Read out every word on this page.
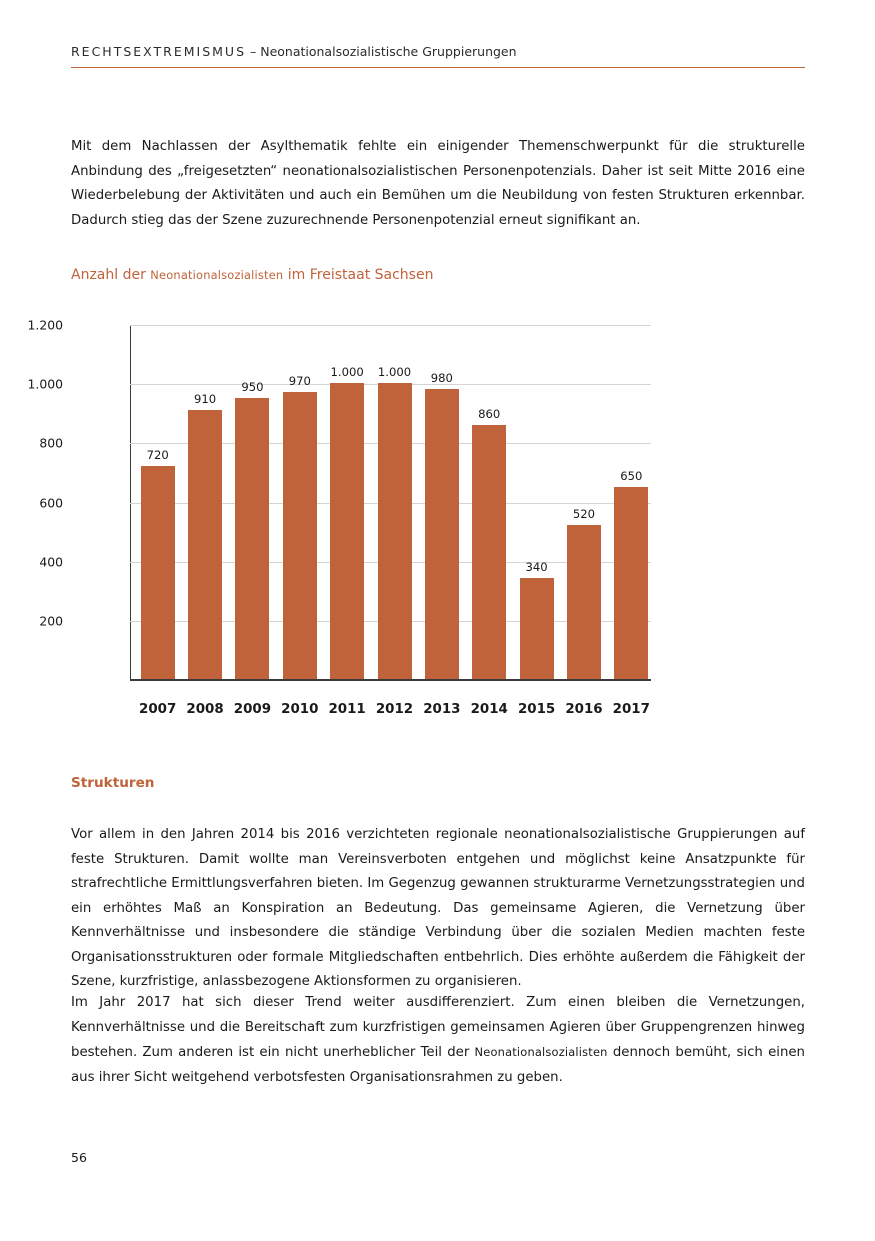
RECHTSEXTREMISMUS – Neonationalsozialistische Gruppierungen

Mit dem Nachlassen der Asylthematik fehlte ein einigender Themenschwerpunkt für die strukturelle Anbindung des „freigesetzten“ neonationalsozialistischen Personenpotenzials. Daher ist seit Mitte 2016 eine Wiederbelebung der Aktivitäten und auch ein Bemühen um die Neubildung von festen Strukturen erkennbar. Dadurch stieg das der Szene zuzurechnende Personenpotenzial erneut signifikant an.

Anzahl der Neonationalsozialisten im Freistaat Sachsen
720
2007
910
2008
950
2009
970
2010
1.000
2011
1.000
2012
980
2013
860
2014
340
2015
520
2016
650
2017
200
400
600
800
1.000
1.200
Strukturen

Vor allem in den Jahren 2014 bis 2016 verzichteten regionale neonationalsozialistische Gruppierungen auf feste Strukturen. Damit wollte man Vereinsverboten entgehen und möglichst keine Ansatzpunkte für strafrechtliche Ermittlungsverfahren bieten. Im Gegenzug gewannen strukturarme Vernetzungsstrategien und ein erhöhtes Maß an Konspiration an Bedeutung. Das gemeinsame Agieren, die Vernetzung über Kennverhältnisse und insbesondere die ständige Verbindung über die sozialen Medien machten feste Organisationsstrukturen oder formale Mitgliedschaften entbehrlich. Dies erhöhte außerdem die Fähigkeit der Szene, kurzfristige, anlassbezogene Aktionsformen zu organisieren.

Im Jahr 2017 hat sich dieser Trend weiter ausdifferenziert. Zum einen bleiben die Vernetzungen, Kennverhältnisse und die Bereitschaft zum kurzfristigen gemeinsamen Agieren über Gruppengrenzen hinweg bestehen. Zum anderen ist ein nicht unerheblicher Teil der Neonationalsozialisten dennoch bemüht, sich einen aus ihrer Sicht weitgehend verbotsfesten Organisationsrahmen zu geben.

56
